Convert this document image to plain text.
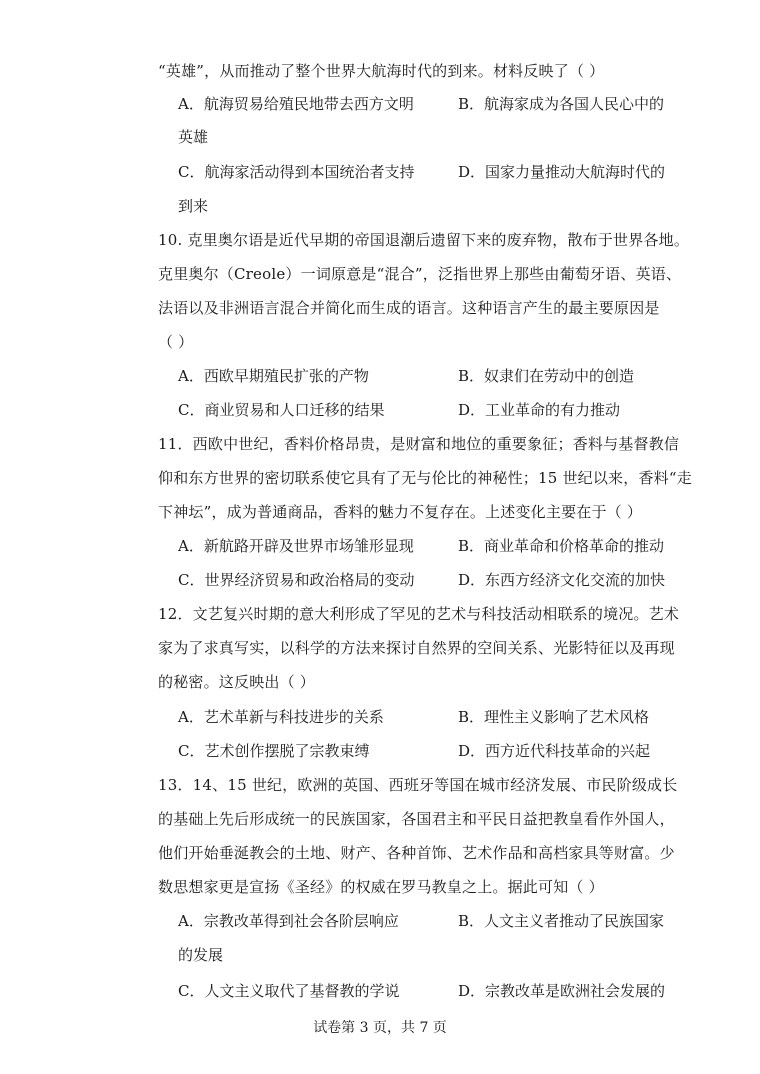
“英雄”，从而推动了整个世界大航海时代的到来。材料反映了（ ）
A．航海贸易给殖民地带去西方文明	B．航海家成为各国人民心中的
英雄
C．航海家活动得到本国统治者支持	D．国家力量推动大航海时代的
到来
10. 克里奥尔语是近代早期的帝国退潮后遗留下来的废弃物，散布于世界各地。
克里奥尔（Creole）一词原意是“混合”，泛指世界上那些由葡萄牙语、英语、
法语以及非洲语言混合并简化而生成的语言。这种语言产生的最主要原因是
（ ）
A．西欧早期殖民扩张的产物	B．奴隶们在劳动中的创造
C．商业贸易和人口迁移的结果	D．工业革命的有力推动
11．西欧中世纪，香料价格昂贵，是财富和地位的重要象征；香料与基督教信
仰和东方世界的密切联系使它具有了无与伦比的神秘性；15 世纪以来，香料“走
下神坛”，成为普通商品，香料的魅力不复存在。上述变化主要在于（ ）
A．新航路开辟及世界市场雏形显现	B．商业革命和价格革命的推动
C．世界经济贸易和政治格局的变动	D．东西方经济文化交流的加快
12．文艺复兴时期的意大利形成了罕见的艺术与科技活动相联系的境况。艺术
家为了求真写实，以科学的方法来探讨自然界的空间关系、光影特征以及再现
的秘密。这反映出（ ）
A．艺术革新与科技进步的关系	B．理性主义影响了艺术风格
C．艺术创作摆脱了宗教束缚	D．西方近代科技革命的兴起
13．14、15 世纪，欧洲的英国、西班牙等国在城市经济发展、市民阶级成长
的基础上先后形成统一的民族国家，各国君主和平民日益把教皇看作外国人，
他们开始垂涎教会的土地、财产、各种首饰、艺术作品和高档家具等财富。少
数思想家更是宣扬《圣经》的权威在罗马教皇之上。据此可知（ ）
A．宗教改革得到社会各阶层响应	B．人文主义者推动了民族国家
的发展
C．人文主义取代了基督教的学说	D．宗教改革是欧洲社会发展的
试卷第 3 页，共 7 页
